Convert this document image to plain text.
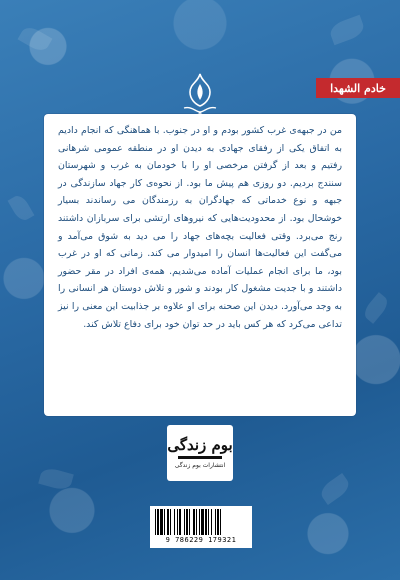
خادم الشهدا

من در جبهه‌ی غرب کشور بودم و او در جنوب. با هماهنگی که انجام دادیم به اتفاق یکی از رفقای جهادی به دیدن او در منطقه عمومی شرهانی رفتیم و بعد از گرفتن مرخصی او را با خودمان به غرب و شهرستان سنندج بردیم. دو روزی هم پیش ما بود. از نحوه‌ی کار جهاد سازندگی در جبهه و نوع خدماتی که جهادگران به رزمندگان می رساندند بسیار خوشحال بود. از محدودیت‌هایی که نیروهای ارتشی برای سربازان داشتند رنج می‌برد. وقتی فعالیت بچه‌های جهاد را می دید به شوق می‌آمد و می‌گفت این فعالیت‌ها انسان را امیدوار می کند. زمانی که او در غرب بود، ما برای انجام عملیات آماده می‌شدیم. همه‌ی افراد در مقر حضور داشتند و با جدیت مشغول کار بودند و شور و تلاش دوستان هر انسانی را به وجد می‌آورد. دیدن این صحنه برای او علاوه بر جذابیت این معنی را نیز تداعی می‌کرد که هر کس باید در حد توان خود برای دفاع تلاش کند.

بوم زندگی
انتشارات بوم زندگی
9 786229 179321
